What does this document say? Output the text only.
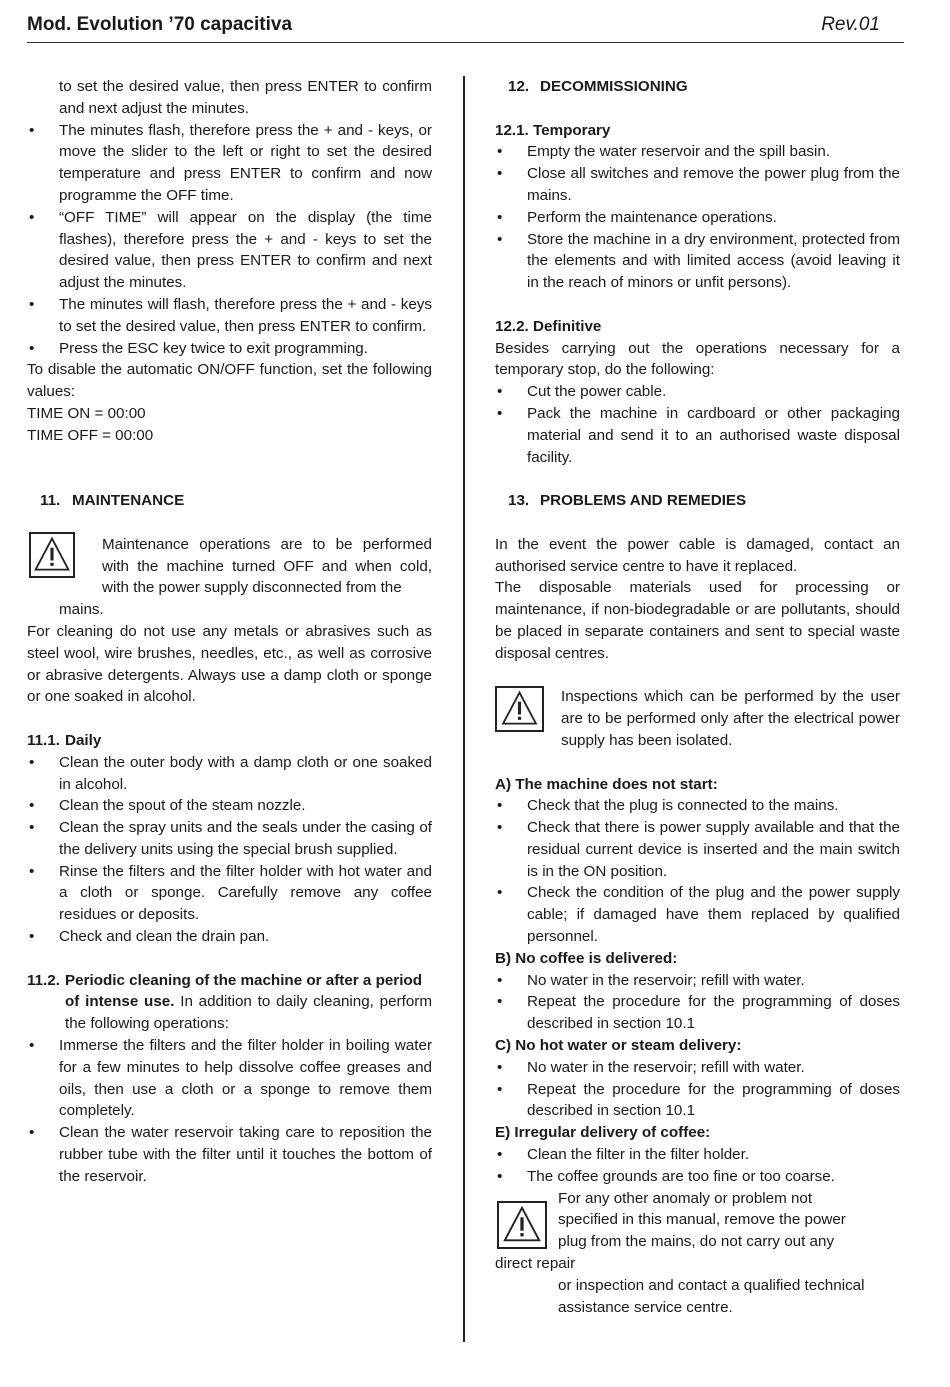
Mod. Evolution ’70 capacitiva	Rev.01

to set the desired value, then press ENTER to confirm and next adjust the minutes.

• The minutes flash, therefore press the + and - keys, or move the slider to the left or right to set the desired temperature and press ENTER to confirm and now programme the OFF time.
• “OFF TIME” will appear on the display (the time flashes), therefore press the + and - keys to set the desired value, then press ENTER to confirm and next adjust the minutes.
• The minutes will flash, therefore press the + and - keys to set the desired value, then press ENTER to confirm.
• Press the ESC key twice to exit programming.

To disable the automatic ON/OFF function, set the following values:

TIME ON = 00:00

TIME OFF = 00:00

11. MAINTENANCE

Maintenance operations are to be performed with the machine turned OFF and when cold, with the power supply disconnected from the

mains.

For cleaning do not use any metals or abrasives such as steel wool, wire brushes, needles, etc., as well as corrosive or abrasive detergents. Always use a damp cloth or sponge or one soaked in alcohol.

11.1. Daily

• Clean the outer body with a damp cloth or one soaked in alcohol.
• Clean the spout of the steam nozzle.
• Clean the spray units and the seals under the casing of the delivery units using the special brush supplied.
• Rinse the filters and the filter holder with hot water and a cloth or sponge. Carefully remove any coffee residues or deposits.
• Check and clean the drain pan.

11.2. Periodic cleaning of the machine or after a period

of intense use. In addition to daily cleaning, perform the following operations:

• Immerse the filters and the filter holder in boiling water for a few minutes to help dissolve coffee greases and oils, then use a cloth or a sponge to remove them completely.
• Clean the water reservoir taking care to reposition the rubber tube with the filter until it touches the bottom of the reservoir.

12. DECOMMISSIONING

12.1. Temporary

• Empty the water reservoir and the spill basin.
• Close all switches and remove the power plug from the mains.
• Perform the maintenance operations.
• Store the machine in a dry environment, protected from the elements and with limited access (avoid leaving it in the reach of minors or unfit persons).

12.2. Definitive

Besides carrying out the operations necessary for a temporary stop, do the following:

• Cut the power cable.
• Pack the machine in cardboard or other packaging material and send it to an authorised waste disposal facility.

13. PROBLEMS AND REMEDIES

In the event the power cable is damaged, contact an authorised service centre to have it replaced.

The disposable materials used for processing or maintenance, if non-biodegradable or are pollutants, should be placed in separate containers and sent to special waste disposal centres.

Inspections which can be performed by the user are to be performed only after the electrical power supply has been isolated.

A) The machine does not start:

• Check that the plug is connected to the mains.
• Check that there is power supply available and that the residual current device is inserted and the main switch is in the ON position.
• Check the condition of the plug and the power supply cable; if damaged have them replaced by qualified personnel.

B) No coffee is delivered:

• No water in the reservoir; refill with water.
• Repeat the procedure for the programming of doses described in section 10.1

C) No hot water or steam delivery:

• No water in the reservoir; refill with water.
• Repeat the procedure for the programming of doses described in section 10.1

E) Irregular delivery of coffee:

• Clean the filter in the filter holder.
• The coffee grounds are too fine or too coarse.

For any other anomaly or problem not

specified in this manual, remove the power

plug from the mains, do not carry out any

direct repair

or inspection and contact a qualified technical

assistance service centre.
